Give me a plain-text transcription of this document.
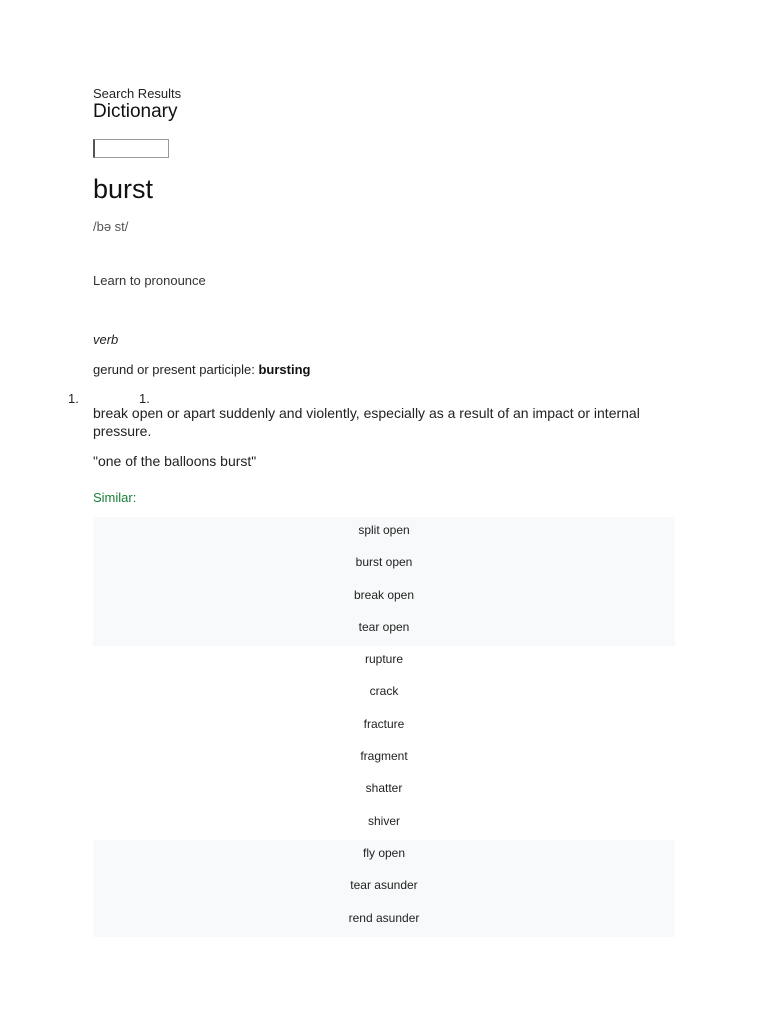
Search Results
Dictionary
burst
/bə st/
Learn to pronounce
verb
gerund or present participle: bursting
1.	1.
break open or apart suddenly and violently, especially as a result of an impact or internal pressure.
"one of the balloons burst"
Similar:
split open
burst open
break open
tear open
rupture
crack
fracture
fragment
shatter
shiver
fly open
tear asunder
rend asunder
